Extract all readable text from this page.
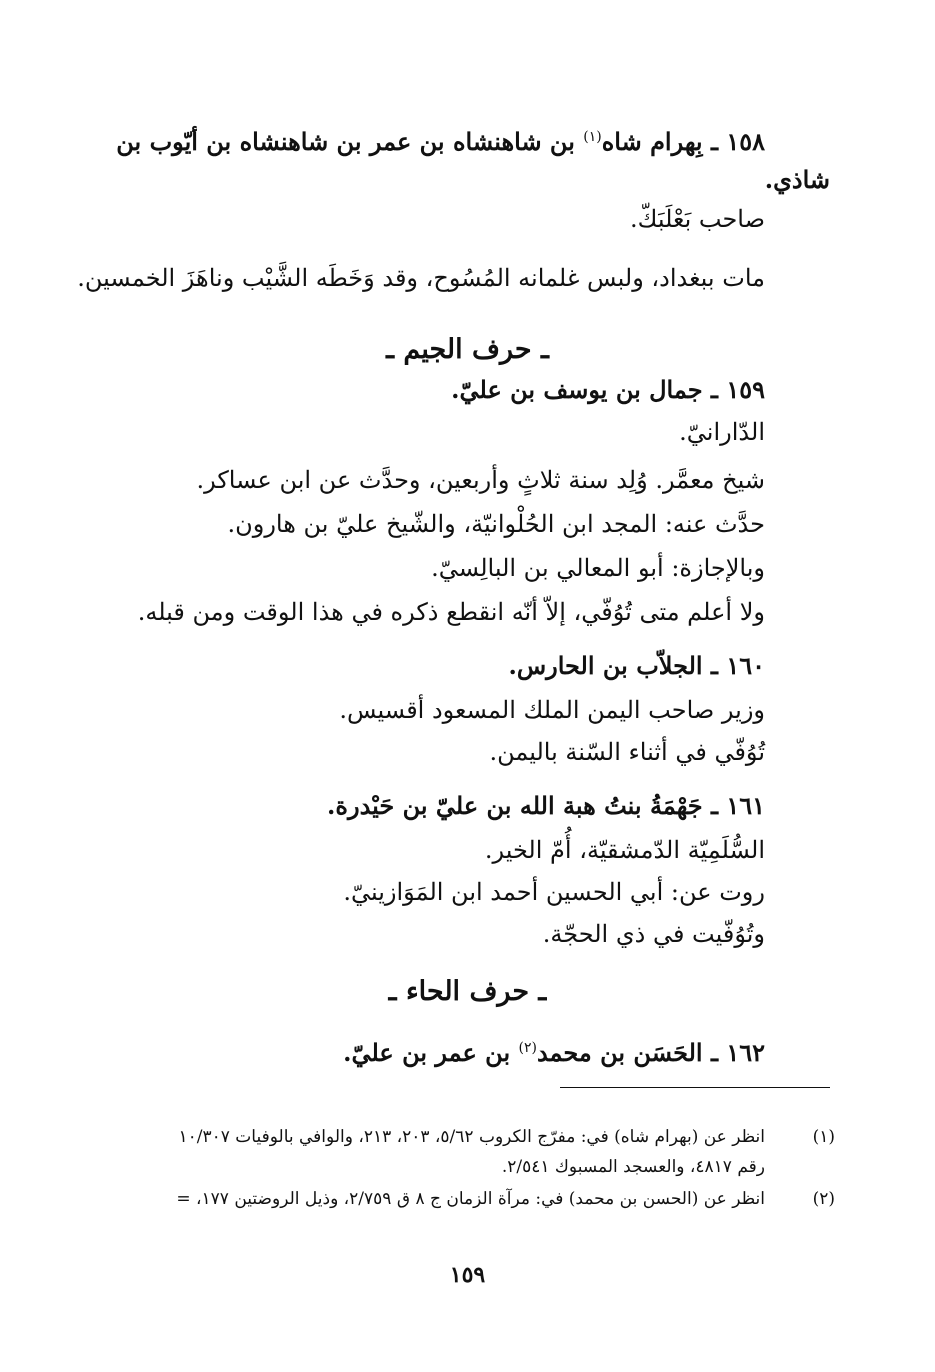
١٥٨ ـ بِهرام شاه$^{(١)}$ بن شاهنشاه بن عمر بن شاهنشاه بن أيّوب بن
شاذي.
صاحب بَعْلَبَكّ.
مات ببغداد، ولبس غلمانه المُسُوح، وقد وَخَطَه الشَّيْب وناهَزَ الخمسين.
ـ حرف الجيم ـ
١٥٩ ـ جمال بن يوسف بن عليّ.
الدّارانيّ.
شيخ معمَّر. وُلِد سنة ثلاثٍ وأربعين، وحدَّث عن ابن عساكر.
حدَّث عنه: المجد ابن الحُلْوانيّة، والشّيخ عليّ بن هارون.
وبالإجازة: أبو المعالي بن البالِسيّ.
ولا أعلم متى تُوُفّي، إلاّ أنّه انقطع ذكره في هذا الوقت ومن قبله.
١٦٠ ـ الجلاّب بن الحارس.
وزير صاحب اليمن الملك المسعود أقسيس.
تُوُفّي في أثناء السّنة باليمن.
١٦١ ـ جَهْمَةُ بنتُ هبة الله بن عليّ بن حَيْدرة.
السُّلَمِيّة الدّمشقيّة، أُمّ الخير.
روت عن: أبي الحسين أحمد ابن المَوَازينيّ.
وتُوُفّيت في ذي الحجّة.
ـ حرف الحاء ـ
١٦٢ ـ الحَسَن بن محمد$^{(٢)}$ بن عمر بن عليّ.
(١)
انظر عن (بهرام شاه) في: مفرّج الكروب ٥/٦٢، ٢٠٣، ٢١٣، والوافي بالوفيات ١٠/٣٠٧
رقم ٤٨١٧، والعسجد المسبوك ٢/٥٤١.
(٢)
انظر عن (الحسن بن محمد) في: مرآة الزمان ج ٨ ق ٢/٧٥٩، وذيل الروضتين ١٧٧، =
١٥٩
